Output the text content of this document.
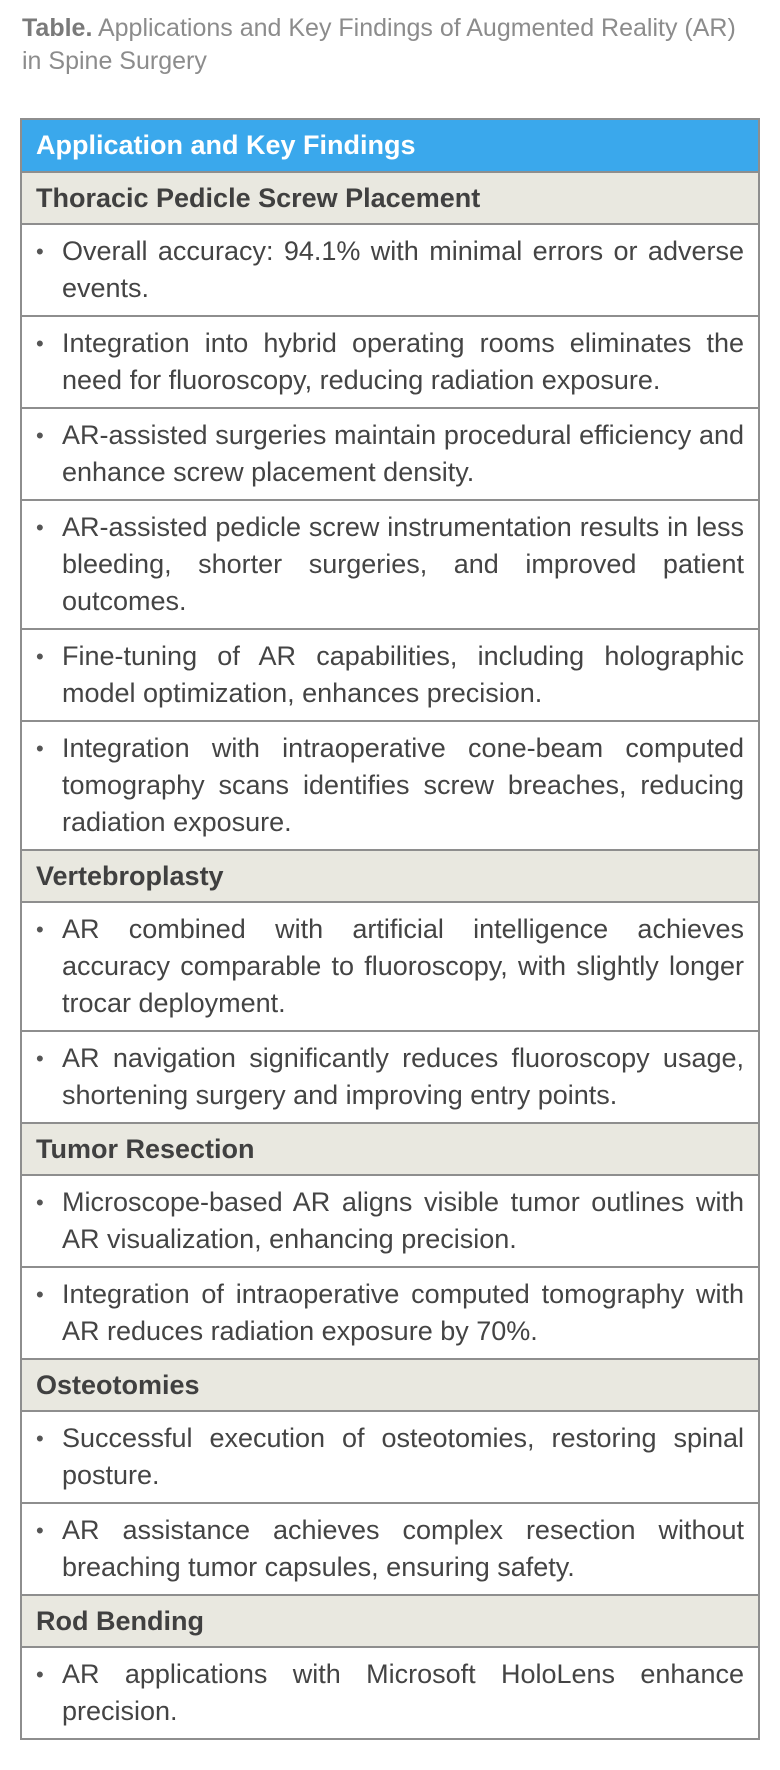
Table. Applications and Key Findings of Augmented Reality (AR) in Spine Surgery
Application and Key Findings
Thoracic Pedicle Screw Placement

• Overall accuracy: 94.1% with minimal errors or adverse events.

• Integration into hybrid operating rooms eliminates the need for fluoroscopy, reducing radiation exposure.

• AR-assisted surgeries maintain procedural efficiency and enhance screw placement density.

• AR-assisted pedicle screw instrumentation results in less bleeding, shorter surgeries, and improved patient outcomes.

• Fine-tuning of AR capabilities, including holographic model optimization, enhances precision.

• Integration with intraoperative cone-beam computed tomography scans identifies screw breaches, reducing radiation exposure.

Vertebroplasty

• AR combined with artificial intelligence achieves accuracy comparable to fluoroscopy, with slightly longer trocar deployment.

• AR navigation significantly reduces fluoroscopy usage, shortening surgery and improving entry points.

Tumor Resection

• Microscope-based AR aligns visible tumor outlines with AR visualization, enhancing precision.

• Integration of intraoperative computed tomography with AR reduces radiation exposure by 70%.

Osteotomies

• Successful execution of osteotomies, restoring spinal posture.

• AR assistance achieves complex resection without breaching tumor capsules, ensuring safety.

Rod Bending

• AR applications with Microsoft HoloLens enhance precision.
